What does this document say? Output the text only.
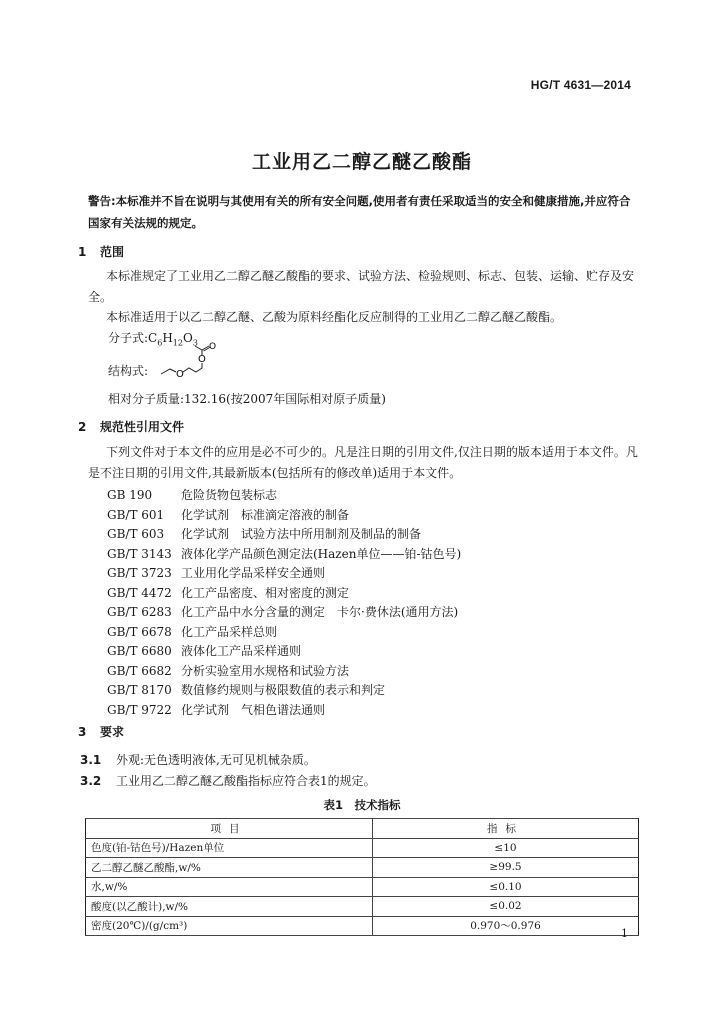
HG/T 4631—2014
工业用乙二醇乙醚乙酸酯
警告:本标准并不旨在说明与其使用有关的所有安全问题,使用者有责任采取适当的安全和健康措施,并应符合国家有关法规的规定。
1 范围
本标准规定了工业用乙二醇乙醚乙酸酯的要求、试验方法、检验规则、标志、包装、运输、贮存及安全。
本标准适用于以乙二醇乙醚、乙酸为原料经酯化反应制得的工业用乙二醇乙醚乙酸酯。
分子式$:C_6H_{12}O_3$
结构式:	O
O
O
相对分子质量:132.16(按2007年国际相对原子质量)
2 规范性引用文件
下列文件对于本文件的应用是必不可少的。凡是注日期的引用文件,仅注日期的版本适用于本文件。凡是不注日期的引用文件,其最新版本(包括所有的修改单)适用于本文件。
GB 190 危险货物包装标志
GB/T 601 化学试剂　标准滴定溶液的制备
GB/T 603 化学试剂　试验方法中所用制剂及制品的制备
GB/T 3143 液体化学产品颜色测定法(Hazen单位——铂-钴色号)
GB/T 3723 工业用化学品采样安全通则
GB/T 4472 化工产品密度、相对密度的测定
GB/T 6283 化工产品中水分含量的测定　卡尔·费休法(通用方法)
GB/T 6678 化工产品采样总则
GB/T 6680 液体化工产品采样通则
GB/T 6682 分析实验室用水规格和试验方法
GB/T 8170 数值修约规则与极限数值的表示和判定
GB/T 9722 化学试剂　气相色谱法通则
3 要求
3.1 外观:无色透明液体,无可见机械杂质。
3.2 工业用乙二醇乙醚乙酸酯指标应符合表1的规定。
表1　技术指标
项目	指标
色度(铂-钴色号)/Hazen单位	≤10
乙二醇乙醚乙酸酯,w/%	≥99.5
水,w/%	≤0.10
酸度(以乙酸计),w/%	≤0.02
密度(20℃)/(g/cm³)	0.970～0.976
1
